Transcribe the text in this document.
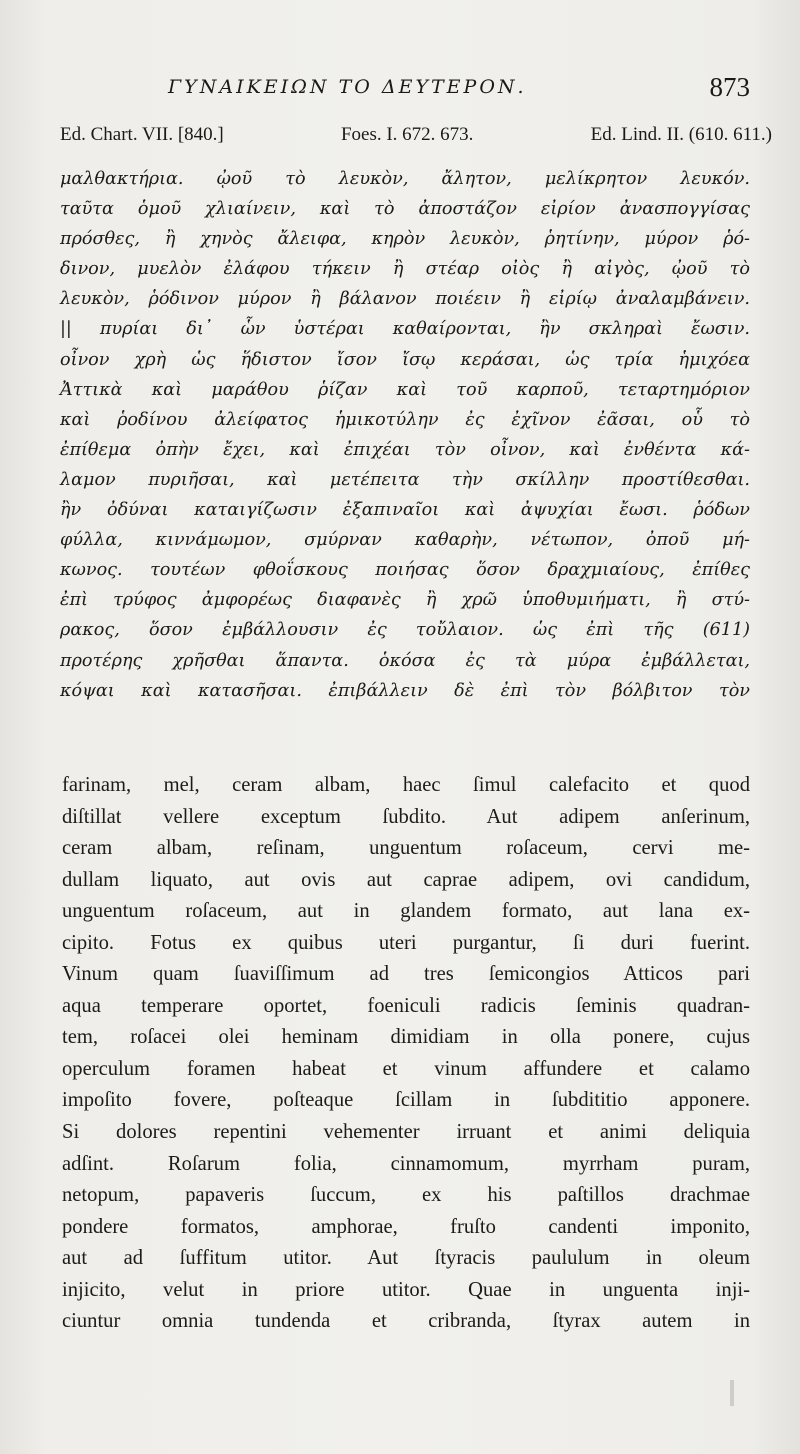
ΓΥΝΑΙΚΕΙΩΝ ΤΟ ΔΕΥΤΕΡΟΝ.	873
Ed. Chart. VII. [840.]	Foes. I. 672. 673.	Ed. Lind. II. (610. 611.)
μαλθακτήρια. ᾠοῦ τὸ λευκὸν, ἄλητον, μελίκρητον λευκόν.
ταῦτα ὁμοῦ χλιαίνειν, καὶ τὸ ἀποστάζον εἰρίον ἀνασπογγίσας
πρόσθες, ἢ χηνὸς ἄλειφα, κηρὸν λευκὸν, ῥητίνην, μύρον ῥό-
δινον, μυελὸν ἐλάφου τήκειν ἢ στέαρ οἰὸς ἢ αἰγὸς, ᾠοῦ τὸ
λευκὸν, ῥόδινον μύρον ἢ βάλανον ποιέειν ἢ εἰρίῳ ἀναλαμβάνειν.
|| πυρίαι δι᾽ ὧν ὑστέραι καθαίρονται, ἢν σκληραὶ ἔωσιν.
οἶνον χρὴ ὡς ἥδιστον ἴσον ἴσῳ κεράσαι, ὡς τρία ἡμιχόεα
Ἀττικὰ καὶ μαράθου ῥίζαν καὶ τοῦ καρποῦ, τεταρτημόριον
καὶ ῥοδίνου ἀλείφατος ἡμικοτύλην ἐς ἐχῖνον ἐᾶσαι, οὗ τὸ
ἐπίθεμα ὀπὴν ἔχει, καὶ ἐπιχέαι τὸν οἶνον, καὶ ἐνθέντα κά-
λαμον πυριῆσαι, καὶ μετέπειτα τὴν σκίλλην προστίθεσθαι.
ἢν ὀδύναι καταιγίζωσιν ἐξαπιναῖοι καὶ ἀψυχίαι ἔωσι. ῥόδων
φύλλα, κιννάμωμον, σμύρναν καθαρὴν, νέτωπον, ὀποῦ μή-
κωνος. τουτέων φθοΐσκους ποιήσας ὅσον δραχμιαίους, ἐπίθες
ἐπὶ τρύφος ἀμφορέως διαφανὲς ἢ χρῶ ὑποθυμιήματι, ἢ στύ-
ρακος, ὅσον ἐμβάλλουσιν ἐς τοὔλαιον. ὡς ἐπὶ τῆς (611)
προτέρης χρῆσθαι ἅπαντα. ὁκόσα ἐς τὰ μύρα ἐμβάλλεται,
κόψαι καὶ κατασῆσαι. ἐπιβάλλειν δὲ ἐπὶ τὸν βόλβιτον τὸν
farinam, mel, ceram albam, haec ſimul calefacito et quod
diſtillat vellere exceptum ſubdito. Aut adipem anſerinum,
ceram albam, reſinam, unguentum roſaceum, cervi me-
dullam liquato, aut ovis aut caprae adipem, ovi candidum,
unguentum roſaceum, aut in glandem formato, aut lana ex-
cipito. Fotus ex quibus uteri purgantur, ſi duri fuerint.
Vinum quam ſuaviſſimum ad tres ſemicongios Atticos pari
aqua temperare oportet, foeniculi radicis ſeminis quadran-
tem, roſacei olei heminam dimidiam in olla ponere, cujus
operculum foramen habeat et vinum affundere et calamo
impoſito fovere, poſteaque ſcillam in ſubdititio apponere.
Si dolores repentini vehementer irruant et animi deliquia
adſint. Roſarum folia, cinnamomum, myrrham puram,
netopum, papaveris ſuccum, ex his paſtillos drachmae
pondere formatos, amphorae, fruſto candenti imponito,
aut ad ſuffitum utitor. Aut ſtyracis paululum in oleum
injicito, velut in priore utitor. Quae in unguenta inji-
ciuntur omnia tundenda et cribranda, ſtyrax autem in
